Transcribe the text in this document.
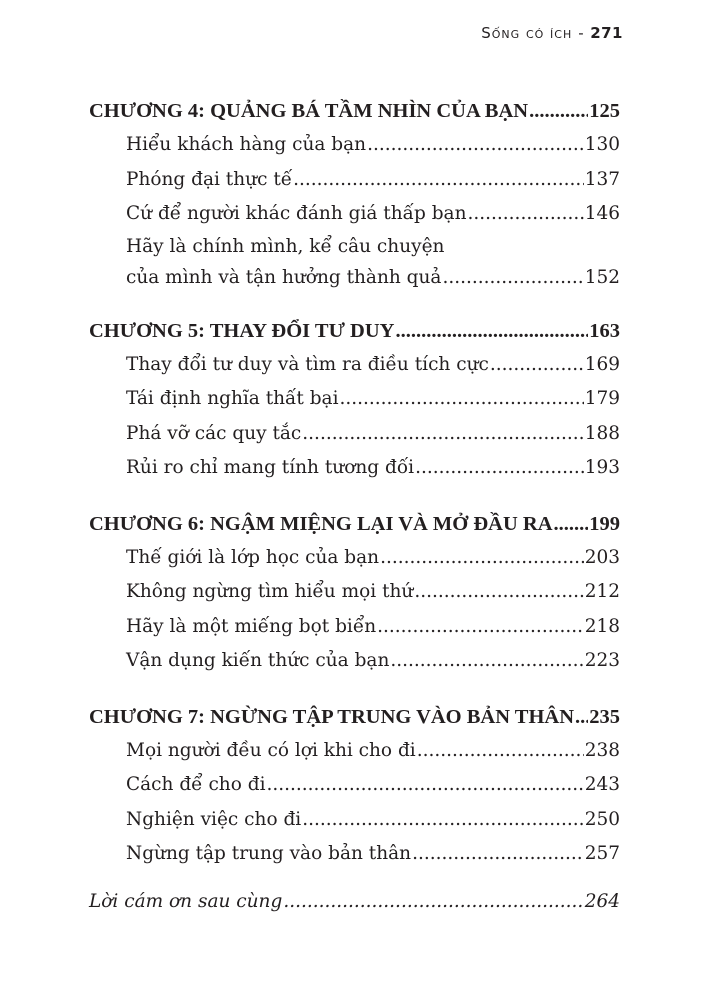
Sống có ích - 271
CHƯƠNG 4: QUẢNG BÁ TẦM NHÌN CỦA BẠN .....	125
Hiểu khách hàng của bạn .....	130
Phóng đại thực tế .....	137
Cứ để người khác đánh giá thấp bạn .....	146
Hãy là chính mình, kể câu chuyện
của mình và tận hưởng thành quả .....	152
CHƯƠNG 5: THAY ĐỔI TƯ DUY .....	163
Thay đổi tư duy và tìm ra điều tích cực .....	169
Tái định nghĩa thất bại .....	179
Phá vỡ các quy tắc .....	188
Rủi ro chỉ mang tính tương đối .....	193
CHƯƠNG 6: NGẬM MIỆNG LẠI VÀ MỞ ĐẦU RA ..... 199
Thế giới là lớp học của bạn .....	203
Không ngừng tìm hiểu mọi thứ .....	212
Hãy là một miếng bọt biển .....	218
Vận dụng kiến thức của bạn .....	223
CHƯƠNG 7: NGỪNG TẬP TRUNG VÀO BẢN THÂN ..... 235
Mọi người đều có lợi khi cho đi .....	238
Cách để cho đi .....	243
Nghiện việc cho đi .....	250
Ngừng tập trung vào bản thân .....	257
Lời cám ơn sau cùng .....	264
